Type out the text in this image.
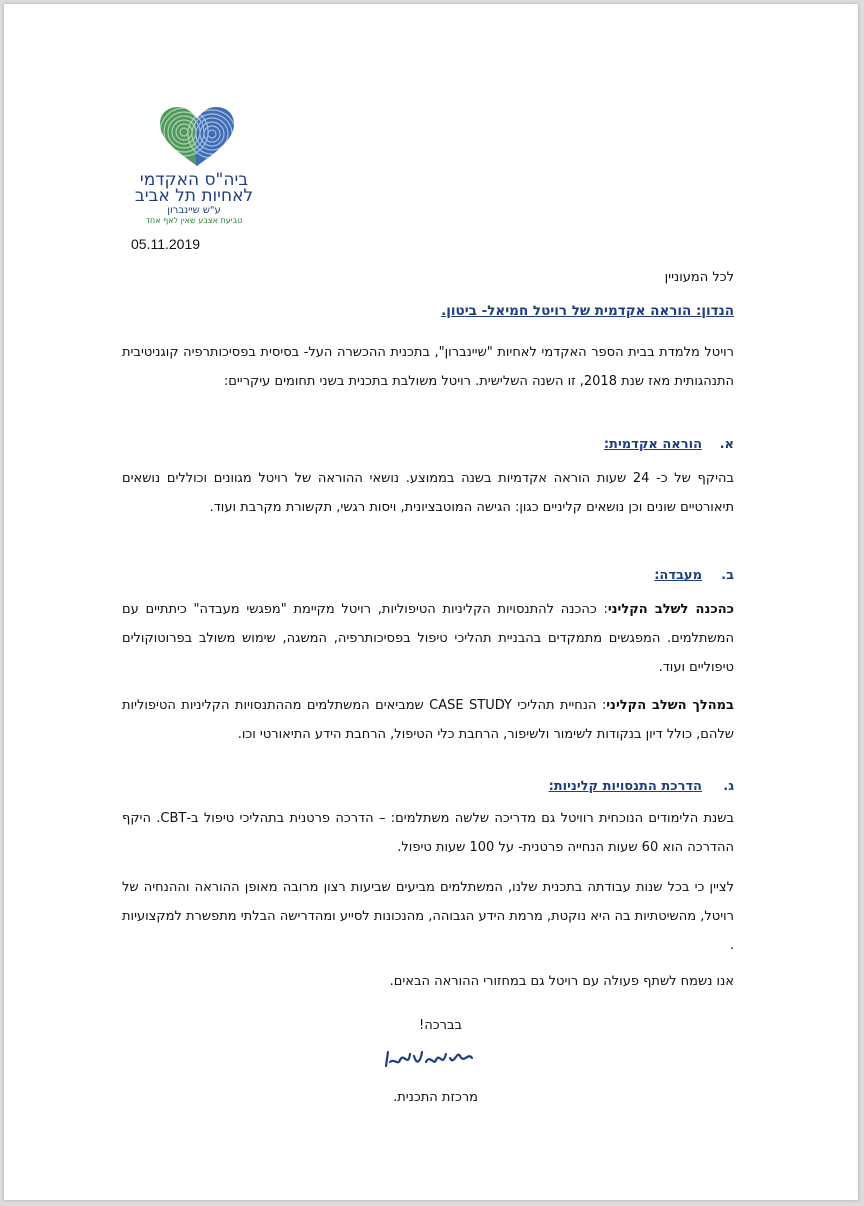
ביה"ס האקדמי
לאחיות תל אביב
ע"ש שיינברון
טביעת אצבע שאין לאף אחד
05.11.2019
לכל המעוניין
הנדון: הוראה אקדמית של רויטל חמיאל- ביטון.
רויטל מלמדת בבית הספר האקדמי לאחיות "שיינברון", בתכנית ההכשרה העל- בסיסית בפסיכותרפיה קוגניטיבית התנהגותית מאז שנת 2018, זו השנה השלישית. רויטל משולבת בתכנית בשני תחומים עיקריים:
א.הוראה אקדמית:
בהיקף של כ- 24 שעות הוראה אקדמיות בשנה בממוצע. נושאי ההוראה של רויטל מגוונים וכוללים נושאים תיאורטיים שונים וכן נושאים קליניים כגון: הגישה המוטבציונית, ויסות רגשי, תקשורת מקרבת ועוד.
ב.מעבדה:
כהכנה לשלב הקליני: כהכנה להתנסויות הקליניות הטיפוליות, רויטל מקיימת "מפגשי מעבדה" כיתתיים עם המשתלמים. המפגשים מתמקדים בהבניית תהליכי טיפול בפסיכותרפיה, המשגה, שימוש משולב בפרוטוקולים טיפוליים ועוד.
במהלך השלב הקליני: הנחיית תהליכי CASE STUDY שמביאים המשתלמים מההתנסויות הקליניות הטיפוליות שלהם, כולל דיון בנקודות לשימור ולשיפור, הרחבת כלי הטיפול, הרחבת הידע התיאורטי וכו.
ג.הדרכת התנסויות קליניות:
בשנת הלימודים הנוכחית רוויטל גם מדריכה שלשה משתלמים: – הדרכה פרטנית בתהליכי טיפול ב-CBT. היקף ההדרכה הוא 60 שעות הנחייה פרטנית- על 100 שעות טיפול.
לציין כי בכל שנות עבודתה בתכנית שלנו, המשתלמים מביעים שביעות רצון מרובה מאופן ההוראה וההנחיה של רויטל, מהשיטתיות בה היא נוקטת, מרמת הידע הגבוהה, מהנכונות לסייע ומהדרישה הבלתי מתפשרת למקצועיות .
אנו נשמח לשתף פעולה עם רויטל גם במחזורי ההוראה הבאים.
בברכה!
מרכזת התכנית.
